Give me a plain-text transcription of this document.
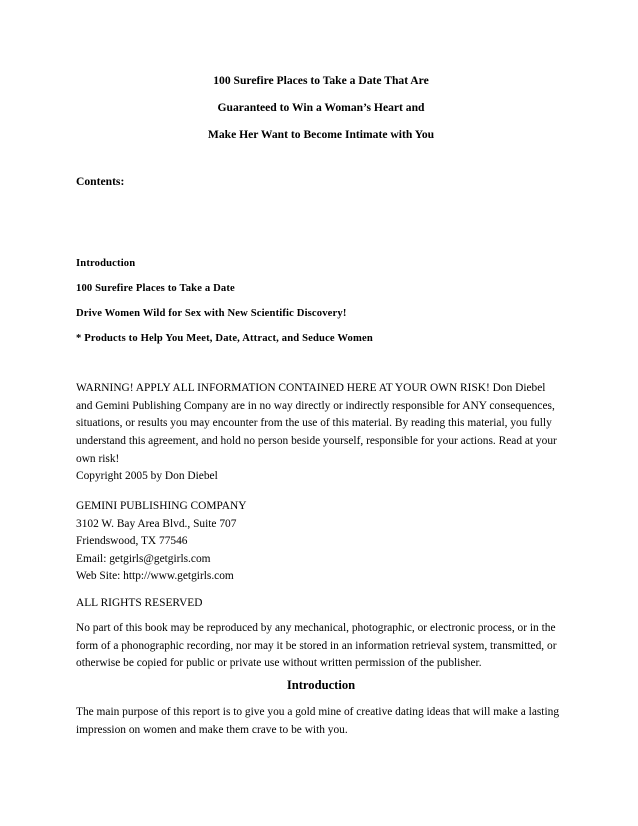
100 Surefire Places to Take a Date That Are
Guaranteed to Win a Woman’s Heart and
Make Her Want to Become Intimate with You
Contents:
Introduction
100 Surefire Places to Take a Date
Drive Women Wild for Sex with New Scientific Discovery!
* Products to Help You Meet, Date, Attract, and Seduce Women
WARNING! APPLY ALL INFORMATION CONTAINED HERE AT YOUR OWN RISK! Don Diebel
and Gemini Publishing Company are in no way directly or indirectly responsible for ANY consequences,
situations, or results you may encounter from the use of this material. By reading this material, you fully
understand this agreement, and hold no person beside yourself, responsible for your actions. Read at your
own risk!
Copyright 2005 by Don Diebel
GEMINI PUBLISHING COMPANY
3102 W. Bay Area Blvd., Suite 707
Friendswood, TX 77546
Email: getgirls@getgirls.com
Web Site: http://www.getgirls.com
ALL RIGHTS RESERVED
No part of this book may be reproduced by any mechanical, photographic, or electronic process, or in the
form of a phonographic recording, nor may it be stored in an information retrieval system, transmitted, or
otherwise be copied for public or private use without written permission of the publisher.
Introduction
The main purpose of this report is to give you a gold mine of creative dating ideas that will make a lasting
impression on women and make them crave to be with you.
